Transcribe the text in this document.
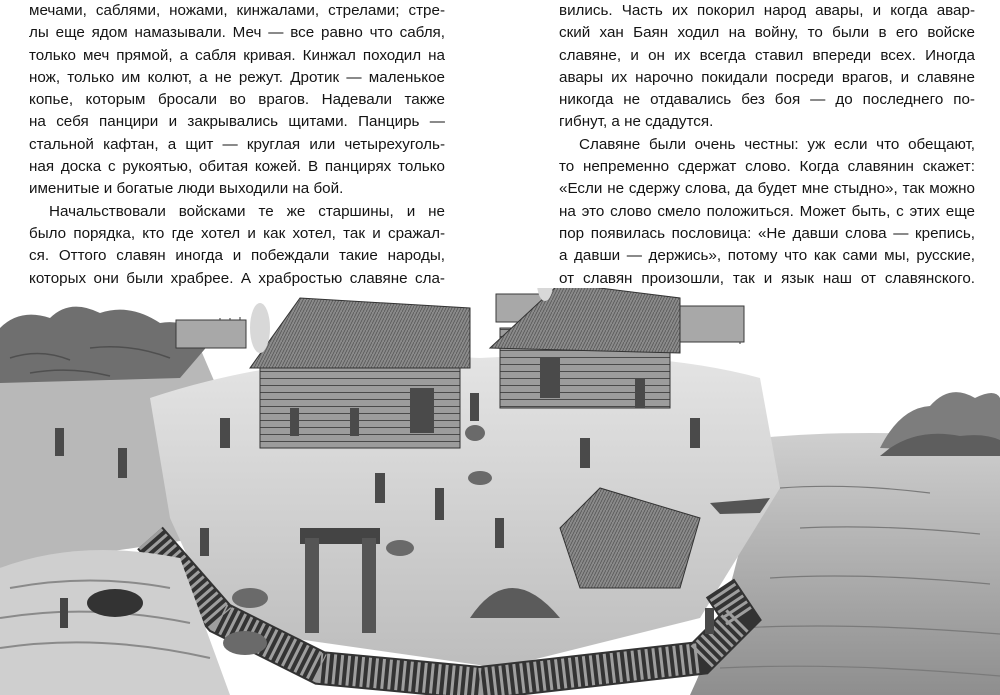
мечами, саблями, ножами, кинжалами, стрелами; стре-
лы еще ядом намазывали. Меч — все равно что сабля,
только меч прямой, а сабля кривая. Кинжал походил на
нож, только им колют, а не режут. Дротик — маленькое
копье, которым бросали во врагов. Надевали также
на себя панцири и закрывались щитами. Панцирь —
стальной кафтан, а щит — круглая или четырехуголь-
ная доска с рукоятью, обитая кожей. В панцирях только
именитые и богатые люди выходили на бой.
Начальствовали войсками те же старшины, и не
было порядка, кто где хотел и как хотел, так и сражал-
ся. Оттого славян иногда и побеждали такие народы,
которых они были храбрее. А храбростью славяне сла-
вились. Часть их покорил народ авары, и когда авар-
ский хан Баян ходил на войну, то были в его войске
славяне, и он их всегда ставил впереди всех. Иногда
авары их нарочно покидали посреди врагов, и славяне
никогда не отдавались без боя — до последнего по-
гибнут, а не сдадутся.
Славяне были очень честны: уж если что обещают,
то непременно сдержат слово. Когда славянин скажет:
«Если не сдержу слова, да будет мне стыдно», так можно
на это слово смело положиться. Может быть, с этих еще
пор появилась пословица: «Не давши слова — крепись,
а давши — держись», потому что как сами мы, русские,
от славян произошли, так и язык наш от славянского.
